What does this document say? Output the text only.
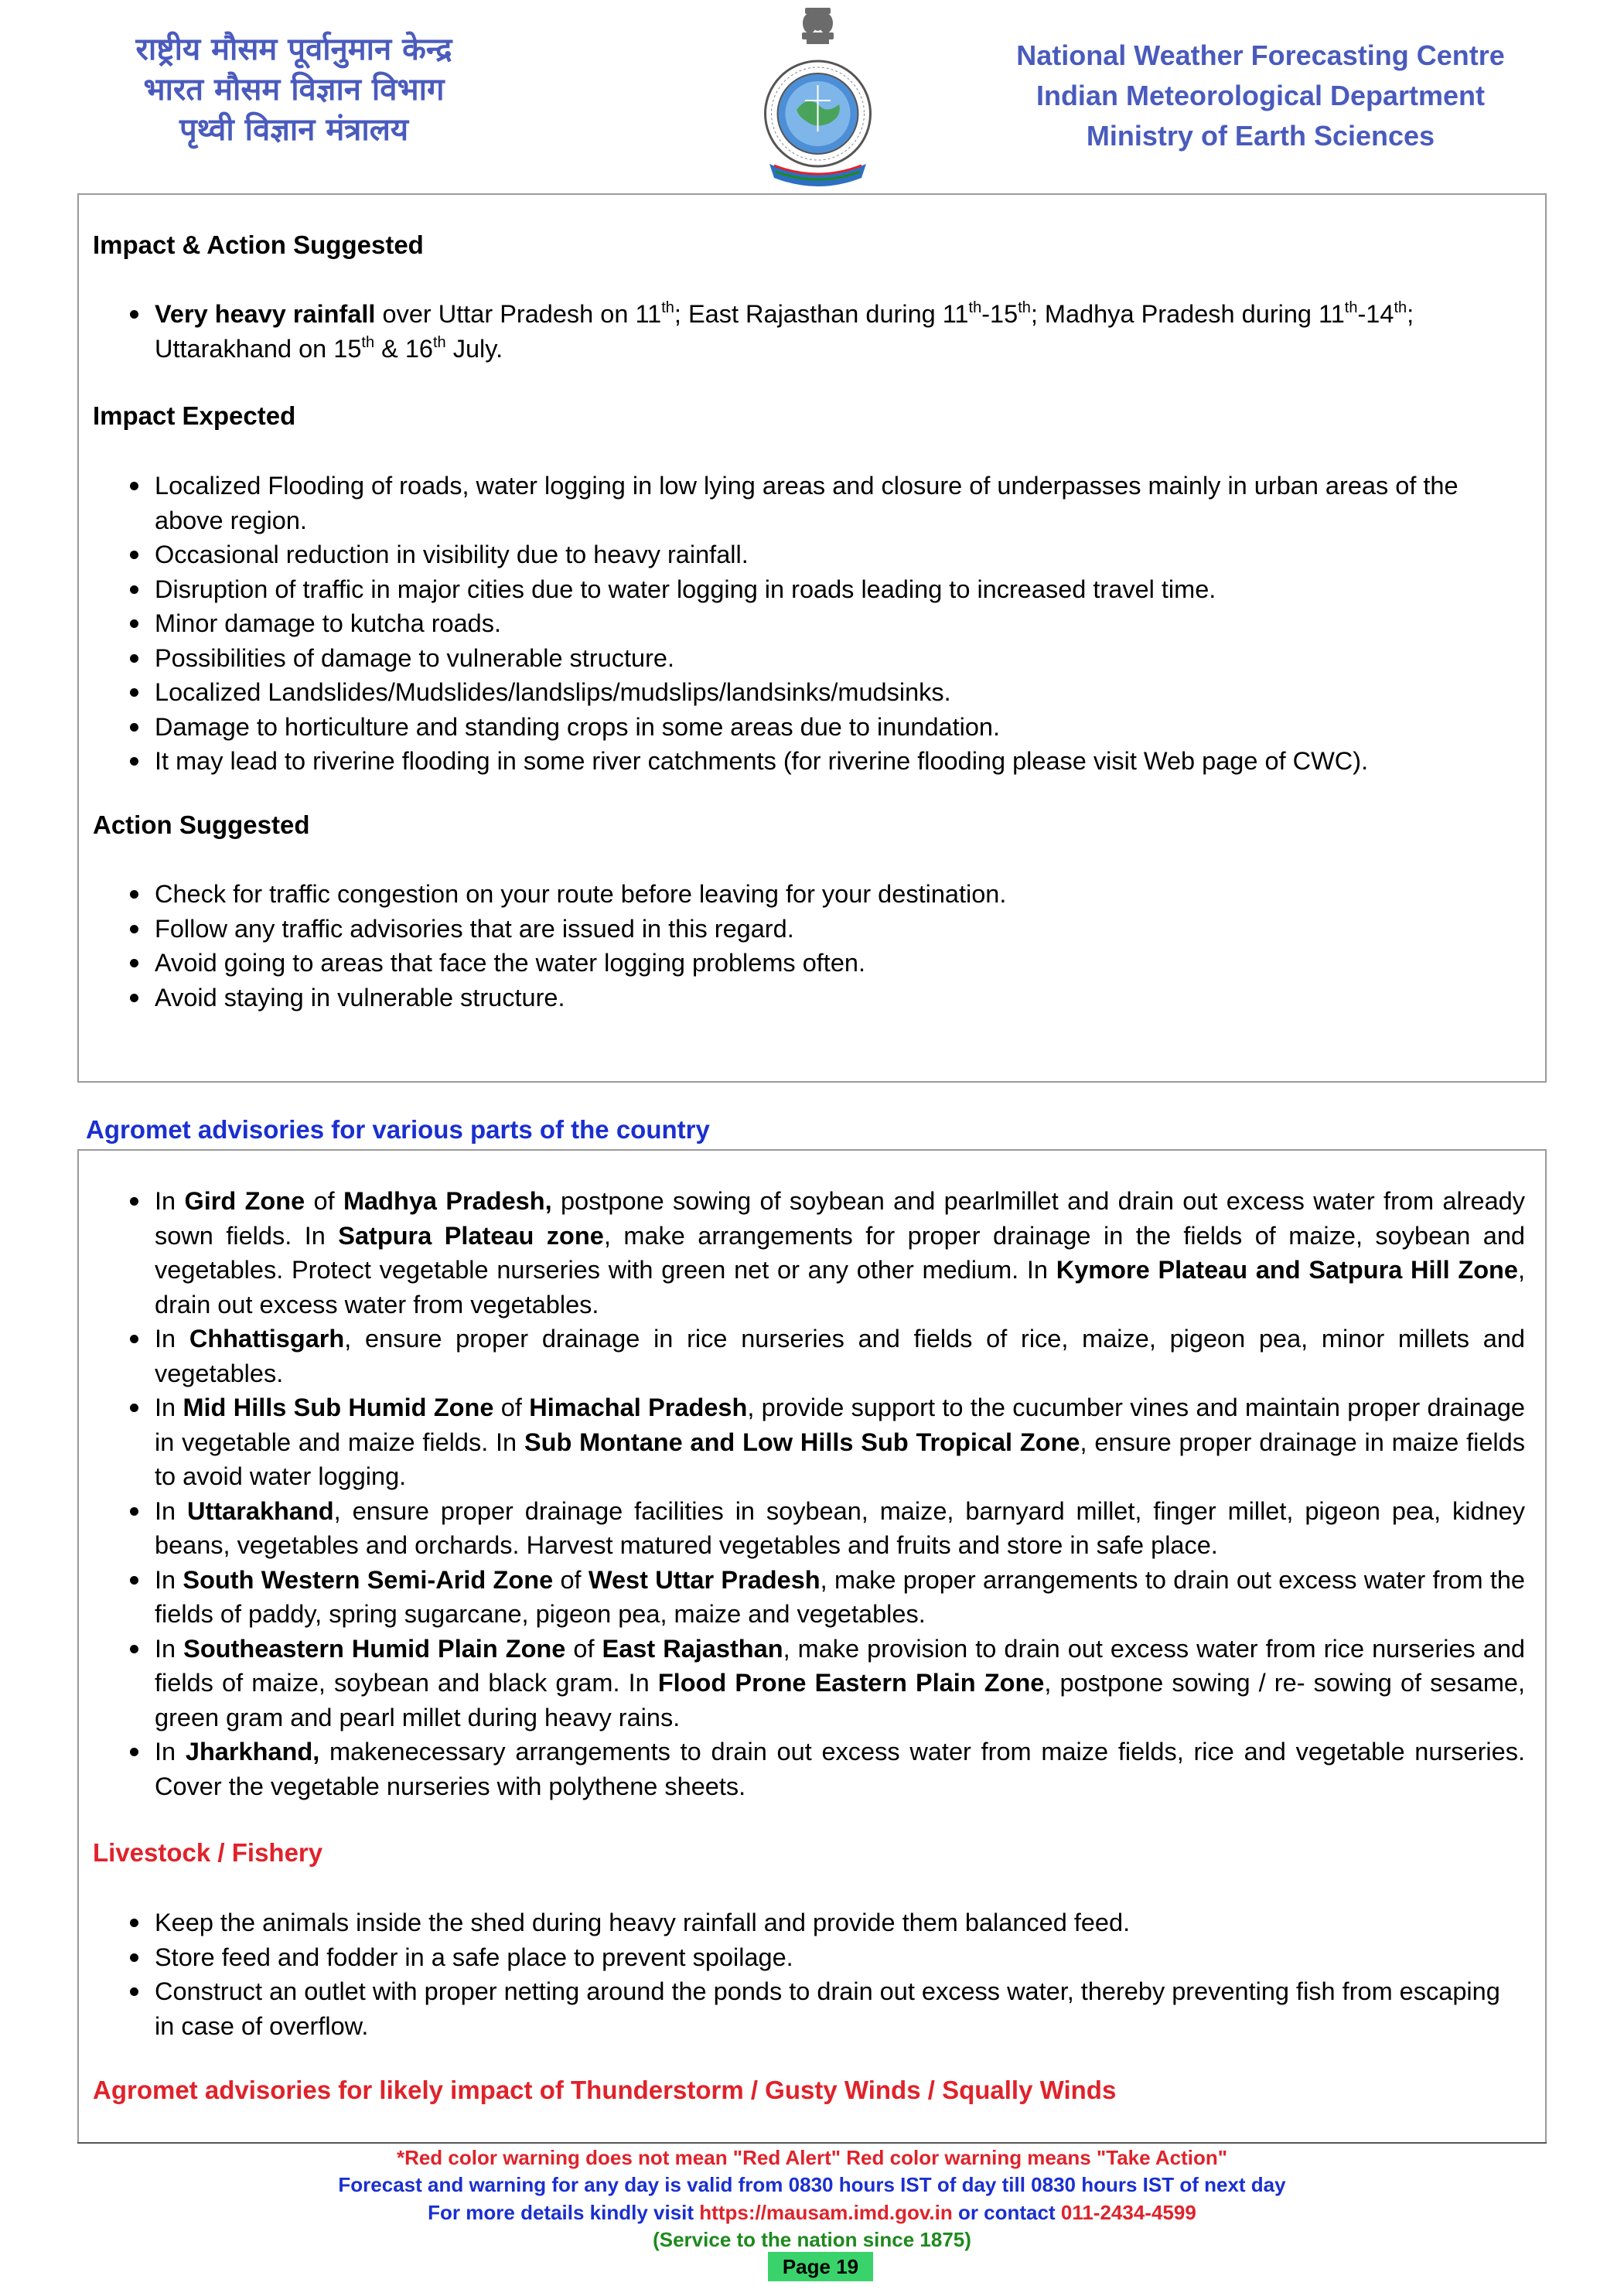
राष्ट्रीय मौसम पूर्वानुमान केन्द्र
भारत मौसम विज्ञान विभाग
पृथ्वी विज्ञान मंत्रालय
National Weather Forecasting Centre
Indian Meteorological Department
Ministry of Earth Sciences
Impact & Action Suggested
Very heavy rainfall over Uttar Pradesh on 11th; East Rajasthan during 11th-15th; Madhya Pradesh during 11th-14th; Uttarakhand on 15th & 16th July.
Impact Expected
Localized Flooding of roads, water logging in low lying areas and closure of underpasses mainly in urban areas of the above region.
Occasional reduction in visibility due to heavy rainfall.
Disruption of traffic in major cities due to water logging in roads leading to increased travel time.
Minor damage to kutcha roads.
Possibilities of damage to vulnerable structure.
Localized Landslides/Mudslides/landslips/mudslips/landsinks/mudsinks.
Damage to horticulture and standing crops in some areas due to inundation.
It may lead to riverine flooding in some river catchments (for riverine flooding please visit Web page of CWC).
Action Suggested
Check for traffic congestion on your route before leaving for your destination.
Follow any traffic advisories that are issued in this regard.
Avoid going to areas that face the water logging problems often.
Avoid staying in vulnerable structure.
Agromet advisories for various parts of the country
In Gird Zone of Madhya Pradesh, postpone sowing of soybean and pearlmillet and drain out excess water from already sown fields. In Satpura Plateau zone, make arrangements for proper drainage in the fields of maize, soybean and vegetables. Protect vegetable nurseries with green net or any other medium. In Kymore Plateau and Satpura Hill Zone, drain out excess water from vegetables.
In Chhattisgarh, ensure proper drainage in rice nurseries and fields of rice, maize, pigeon pea, minor millets and vegetables.
In Mid Hills Sub Humid Zone of Himachal Pradesh, provide support to the cucumber vines and maintain proper drainage in vegetable and maize fields. In Sub Montane and Low Hills Sub Tropical Zone, ensure proper drainage in maize fields to avoid water logging.
In Uttarakhand, ensure proper drainage facilities in soybean, maize, barnyard millet, finger millet, pigeon pea, kidney beans, vegetables and orchards. Harvest matured vegetables and fruits and store in safe place.
In South Western Semi-Arid Zone of West Uttar Pradesh, make proper arrangements to drain out excess water from the fields of paddy, spring sugarcane, pigeon pea, maize and vegetables.
In Southeastern Humid Plain Zone of East Rajasthan, make provision to drain out excess water from rice nurseries and fields of maize, soybean and black gram. In Flood Prone Eastern Plain Zone, postpone sowing / re- sowing of sesame, green gram and pearl millet during heavy rains.
In Jharkhand, makenecessary arrangements to drain out excess water from maize fields, rice and vegetable nurseries. Cover the vegetable nurseries with polythene sheets.
Livestock / Fishery
Keep the animals inside the shed during heavy rainfall and provide them balanced feed.
Store feed and fodder in a safe place to prevent spoilage.
Construct an outlet with proper netting around the ponds to drain out excess water, thereby preventing fish from escaping in case of overflow.
Agromet advisories for likely impact of Thunderstorm / Gusty Winds / Squally Winds
*Red color warning does not mean "Red Alert" Red color warning means "Take Action"
Forecast and warning for any day is valid from 0830 hours IST of day till 0830 hours IST of next day
For more details kindly visit https://mausam.imd.gov.in or contact 011-2434-4599
(Service to the nation since 1875)
Page 19
